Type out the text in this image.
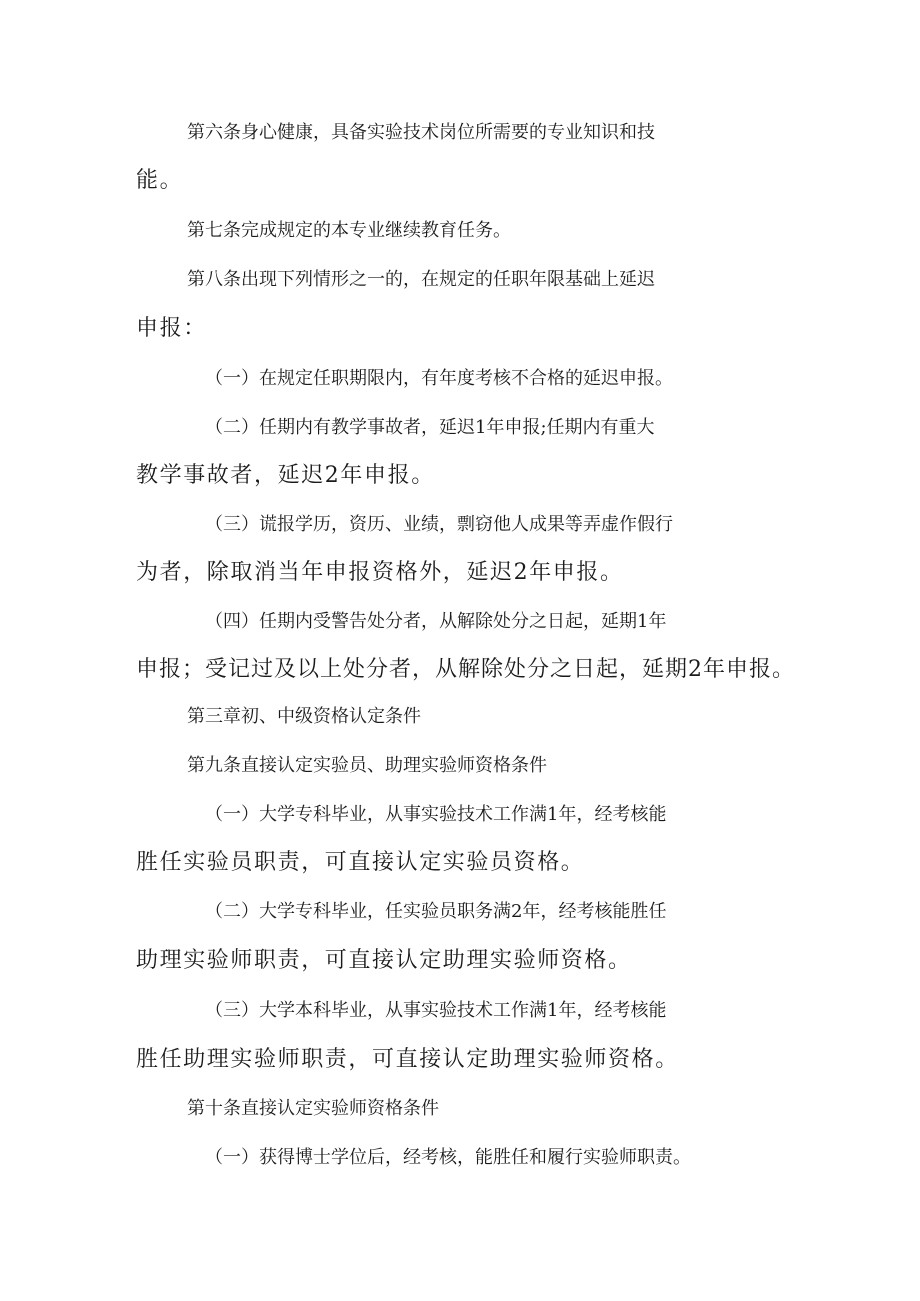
第六条身心健康，具备实验技术岗位所需要的专业知识和技
能。
第七条完成规定的本专业继续教育任务。
第八条出现下列情形之一的，在规定的任职年限基础上延迟
申报：
（一）在规定任职期限内，有年度考核不合格的延迟申报。
（二）任期内有教学事故者，延迟1年申报;任期内有重大
教学事故者，延迟2年申报。
（三）谎报学历，资历、业绩，剽窃他人成果等弄虚作假行
为者，除取消当年申报资格外，延迟2年申报。
（四）任期内受警告处分者，从解除处分之日起，延期1年
申报；受记过及以上处分者，从解除处分之日起，延期2年申报。
第三章初、中级资格认定条件
第九条直接认定实验员、助理实验师资格条件
（一）大学专科毕业，从事实验技术工作满1年，经考核能
胜任实验员职责，可直接认定实验员资格。
（二）大学专科毕业，任实验员职务满2年，经考核能胜任
助理实验师职责，可直接认定助理实验师资格。
（三）大学本科毕业，从事实验技术工作满1年，经考核能
胜任助理实验师职责，可直接认定助理实验师资格。
第十条直接认定实验师资格条件
（一）获得博士学位后，经考核，能胜任和履行实验师职责。
